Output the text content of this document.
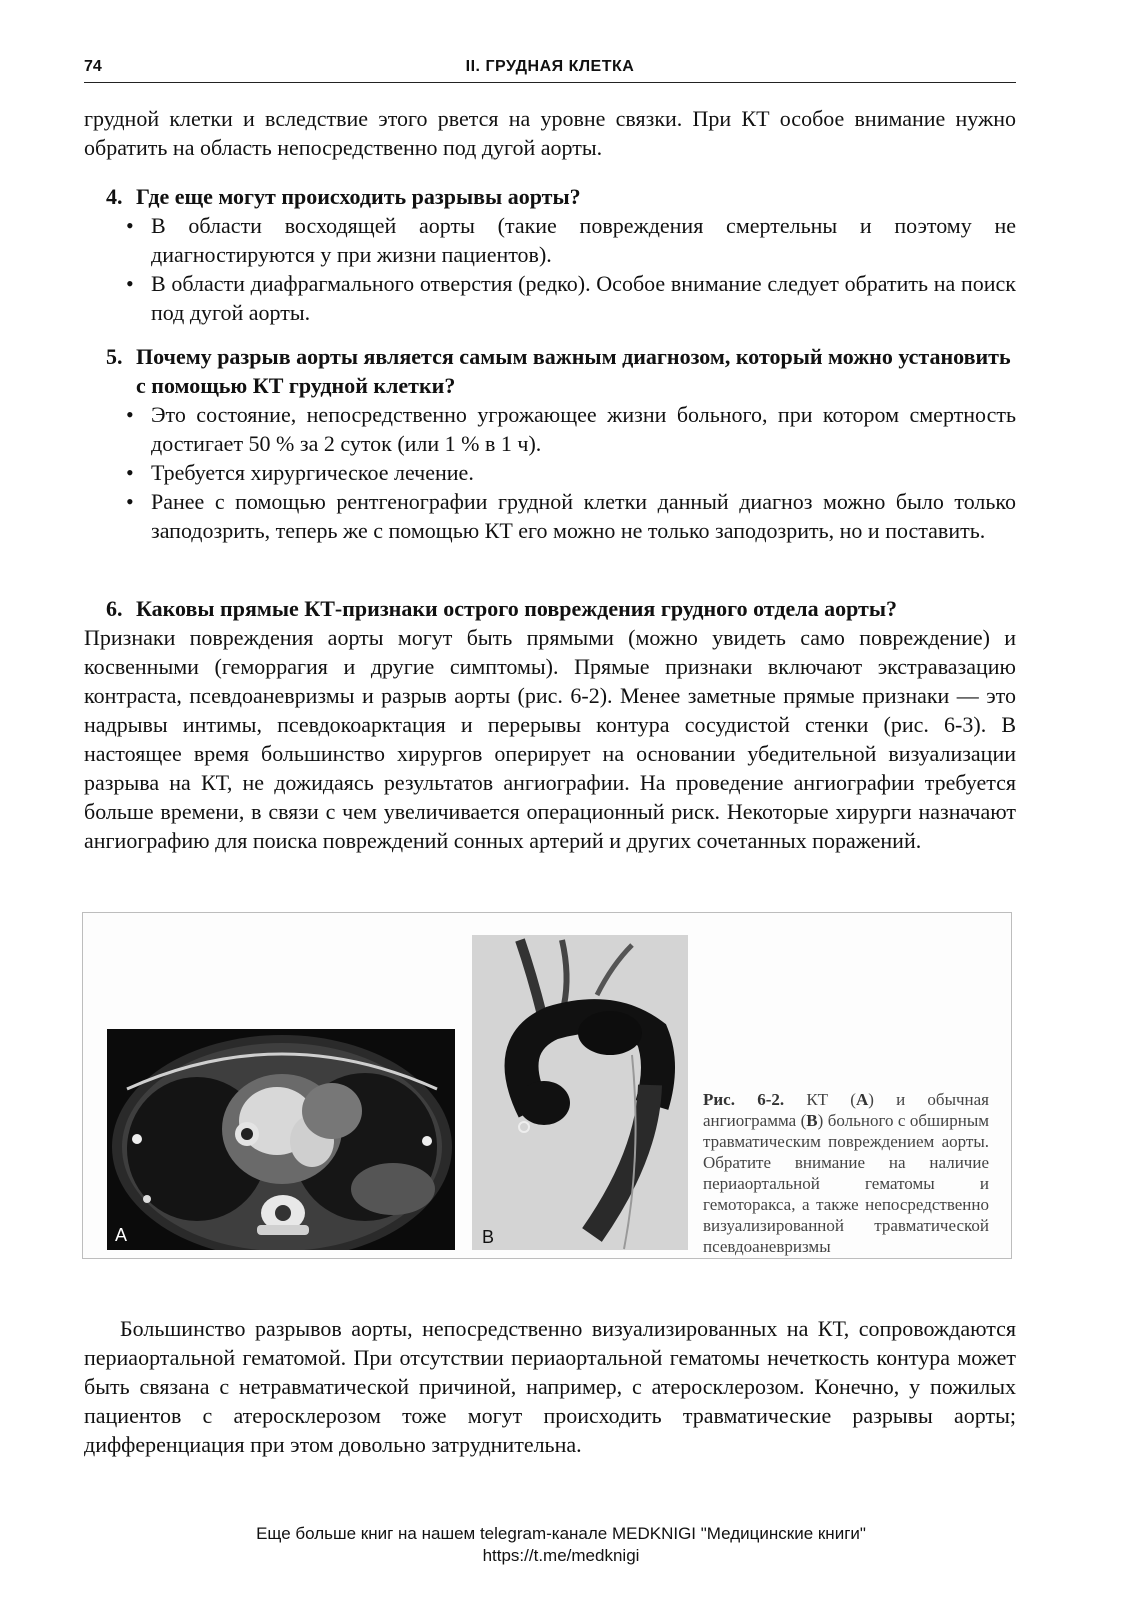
74	II. ГРУДНАЯ КЛЕТКА

грудной клетки и вследствие этого рвется на уровне связки. При КТ особое внимание нужно обратить на область непосредственно под дугой аорты.

4. Где еще могут происходить разрывы аорты?
• В области восходящей аорты (такие повреждения смертельны и поэтому не диагностируются у при жизни пациентов).
• В области диафрагмального отверстия (редко). Особое внимание следует обратить на поиск под дугой аорты.
5. Почему разрыв аорты является самым важным диагнозом, который можно установить с помощью КТ грудной клетки?
• Это состояние, непосредственно угрожающее жизни больного, при котором смертность достигает 50 % за 2 суток (или 1 % в 1 ч).
• Требуется хирургическое лечение.
• Ранее с помощью рентгенографии грудной клетки данный диагноз можно было только заподозрить, теперь же с помощью КТ его можно не только заподозрить, но и поставить.
6. Каковы прямые КТ-признаки острого повреждения грудного отдела аорты?

Признаки повреждения аорты могут быть прямыми (можно увидеть само повреждение) и косвенными (геморрагия и другие симптомы). Прямые признаки включают экстравазацию контраста, псевдоаневризмы и разрыв аорты (рис. 6-2). Менее заметные прямые признаки — это надрывы интимы, псевдокоарктация и перерывы контура сосудистой стенки (рис. 6-3). В настоящее время большинство хирургов оперирует на основании убедительной визуализации разрыва на КТ, не дожидаясь результатов ангиографии. На проведение ангиографии требуется больше времени, в связи с чем увеличивается операционный риск. Некоторые хирурги назначают ангиографию для поиска повреждений сонных артерий и других сочетанных поражений.

A	B
Рис. 6-2. КТ (А) и обычная ангиограмма (В) больного с обширным травматическим повреждением аорты. Обратите внимание на наличие периаортальной гематомы и гемоторакса, а также непосредственно визуализированной травматической псевдоаневризмы

Большинство разрывов аорты, непосредственно визуализированных на КТ, сопровождаются периаортальной гематомой. При отсутствии периаортальной гематомы нечеткость контура может быть связана с нетравматической причиной, например, с атеросклерозом. Конечно, у пожилых пациентов с атеросклерозом тоже могут происходить травматические разрывы аорты; дифференциация при этом довольно затруднительна.

Еще больше книг на нашем telegram-канале MEDKNIGI "Медицинские книги"
https://t.me/medknigi
